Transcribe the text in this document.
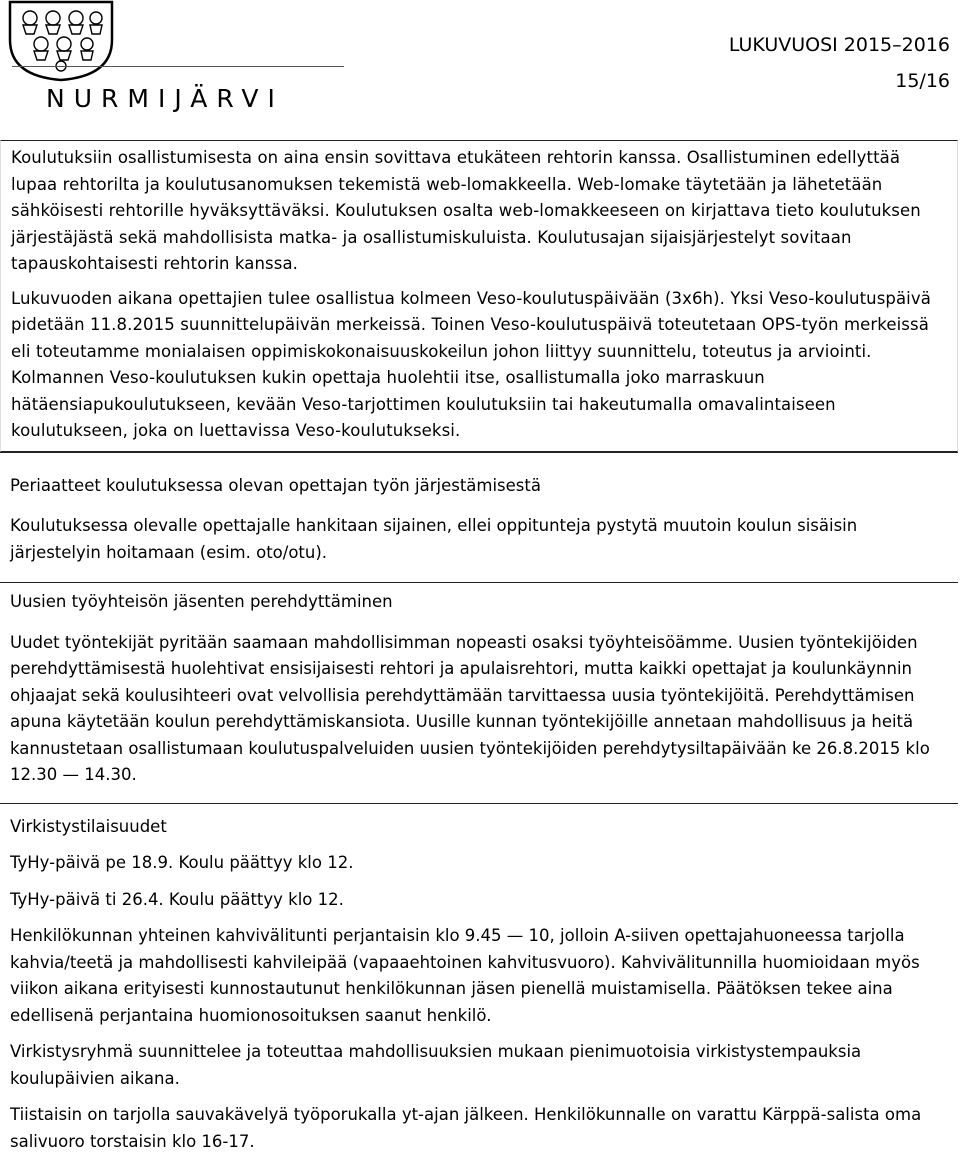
NURMIJÄRVI
LUKUVUOSI 2015–2016
15/16

Koulutuksiin osallistumisesta on aina ensin sovittava etukäteen rehtorin kanssa. Osallistuminen edellyttää lupaa rehtorilta ja koulutusanomuksen tekemistä web-lomakkeella. Web-lomake täytetään ja lähetetään sähköisesti rehtorille hyväksyttäväksi. Koulutuksen osalta web-lomakkeeseen on kirjattava tieto koulutuksen järjestäjästä sekä mahdollisista matka- ja osallistumiskuluista. Koulutusajan sijaisjärjestelyt sovitaan tapauskohtaisesti rehtorin kanssa.

Lukuvuoden aikana opettajien tulee osallistua kolmeen Veso-koulutuspäivään (3x6h). Yksi Veso-koulutuspäivä pidetään 11.8.2015 suunnittelupäivän merkeissä. Toinen Veso-koulutuspäivä toteutetaan OPS-työn merkeissä eli toteutamme monialaisen oppimiskokonaisuuskokeilun johon liittyy suunnittelu, toteutus ja arviointi. Kolmannen Veso-koulutuksen kukin opettaja huolehtii itse, osallistumalla joko marraskuun hätäensiapukoulutukseen, kevään Veso-tarjottimen koulutuksiin tai hakeutumalla omavalintaiseen koulutukseen, joka on luettavissa Veso-koulutukseksi.

Periaatteet koulutuksessa olevan opettajan työn järjestämisestä

Koulutuksessa olevalle opettajalle hankitaan sijainen, ellei oppitunteja pystytä muutoin koulun sisäisin järjestelyin hoitamaan (esim. oto/otu).

Uusien työyhteisön jäsenten perehdyttäminen

Uudet työntekijät pyritään saamaan mahdollisimman nopeasti osaksi työyhteisöämme. Uusien työntekijöiden perehdyttämisestä huolehtivat ensisijaisesti rehtori ja apulaisrehtori, mutta kaikki opettajat ja koulunkäynnin ohjaajat sekä koulusihteeri ovat velvollisia perehdyttämään tarvittaessa uusia työntekijöitä. Perehdyttämisen apuna käytetään koulun perehdyttämiskansiota. Uusille kunnan työntekijöille annetaan mahdollisuus ja heitä kannustetaan osallistumaan koulutuspalveluiden uusien työntekijöiden perehdytysiltapäivään ke 26.8.2015 klo 12.30 — 14.30.

Virkistystilaisuudet

TyHy-päivä pe 18.9. Koulu päättyy klo 12.

TyHy-päivä ti 26.4. Koulu päättyy klo 12.

Henkilökunnan yhteinen kahvivälitunti perjantaisin klo 9.45 — 10, jolloin A-siiven opettajahuoneessa tarjolla kahvia/teetä ja mahdollisesti kahvileipää (vapaaehtoinen kahvitusvuoro). Kahvivälitunnilla huomioidaan myös viikon aikana erityisesti kunnostautunut henkilökunnan jäsen pienellä muistamisella. Päätöksen tekee aina edellisenä perjantaina huomionosoituksen saanut henkilö.

Virkistysryhmä suunnittelee ja toteuttaa mahdollisuuksien mukaan pienimuotoisia virkistystempauksia koulupäivien aikana.

Tiistaisin on tarjolla sauvakävelyä työporukalla yt-ajan jälkeen. Henkilökunnalle on varattu Kärppä-salista oma salivuoro torstaisin klo 16-17.
